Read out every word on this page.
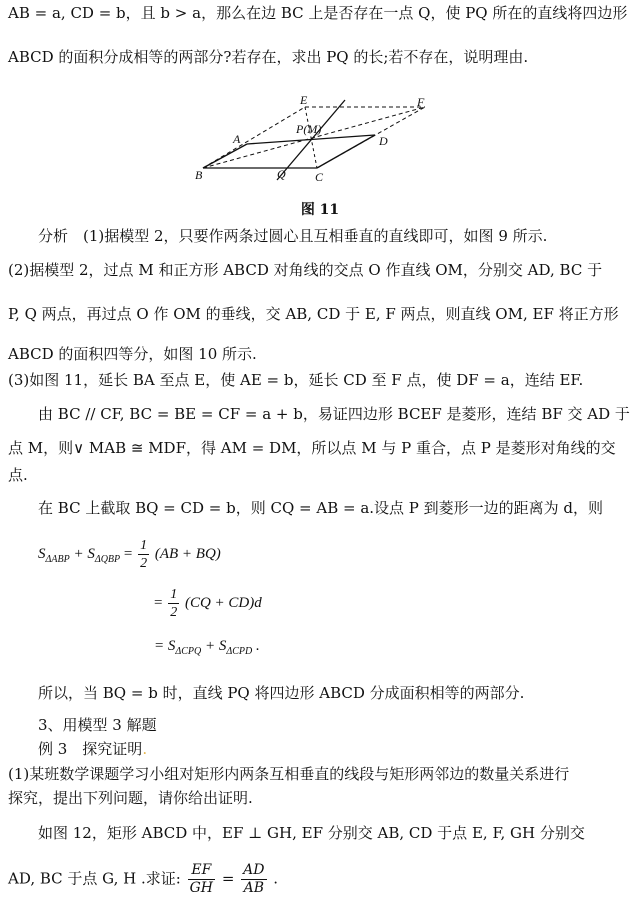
AB = a, CD = b，且 b > a，那么在边 BC 上是否存在一点 Q，使 PQ 所在的直线将四边形
ABCD 的面积分成相等的两部分?若存在，求出 PQ 的长;若不存在，说明理由.
E	F
A	D
B	Q C
P(M)
图 11
分析　(1)据模型 2，只要作两条过圆心且互相垂直的直线即可，如图 9 所示.
(2)据模型 2，过点 M 和正方形 ABCD 对角线的交点 O 作直线 OM，分别交 AD, BC 于
P, Q 两点，再过点 O 作 OM 的垂线，交 AB, CD 于 E, F 两点，则直线 OM, EF 将正方形
ABCD 的面积四等分，如图 10 所示.
(3)如图 11，延长 BA 至点 E，使 AE = b，延长 CD 至 F 点，使 DF = a，连结 EF.
由 BC // CF, BC = BE = CF = a + b，易证四边形 BCEF 是菱形，连结 BF 交 AD 于
点 M，则∨ MAB ≅ MDF，得 AM = DM，所以点 M 与 P 重合，点 P 是菱形对角线的交
点.
在 BC 上截取 BQ = CD = b，则 CQ = AB = a.设点 P 到菱形一边的距离为 d，则
$S_{\Delta ABP} + S_{\Delta QBP} = \frac{1}{2} (AB + BQ)$
= $\frac{1}{2} (CQ + CD)d$
= $S_{\Delta CPQ} + S_{\Delta CPD}$ .
所以，当 BQ = b 时，直线 PQ 将四边形 ABCD 分成面积相等的两部分.
3、用模型 3 解题
例 3　探究证明.
(1)某班数学课题学习小组对矩形内两条互相垂直的线段与矩形两邻边的数量关系进行
探究，提出下列问题，请你给出证明.
如图 12，矩形 ABCD 中，EF ⊥ GH, EF 分别交 AB, CD 于点 E, F, GH 分别交
AD, BC 于点 G, H .求证: $\frac{EF}{GH} = \frac{AD}{AB}$ .
